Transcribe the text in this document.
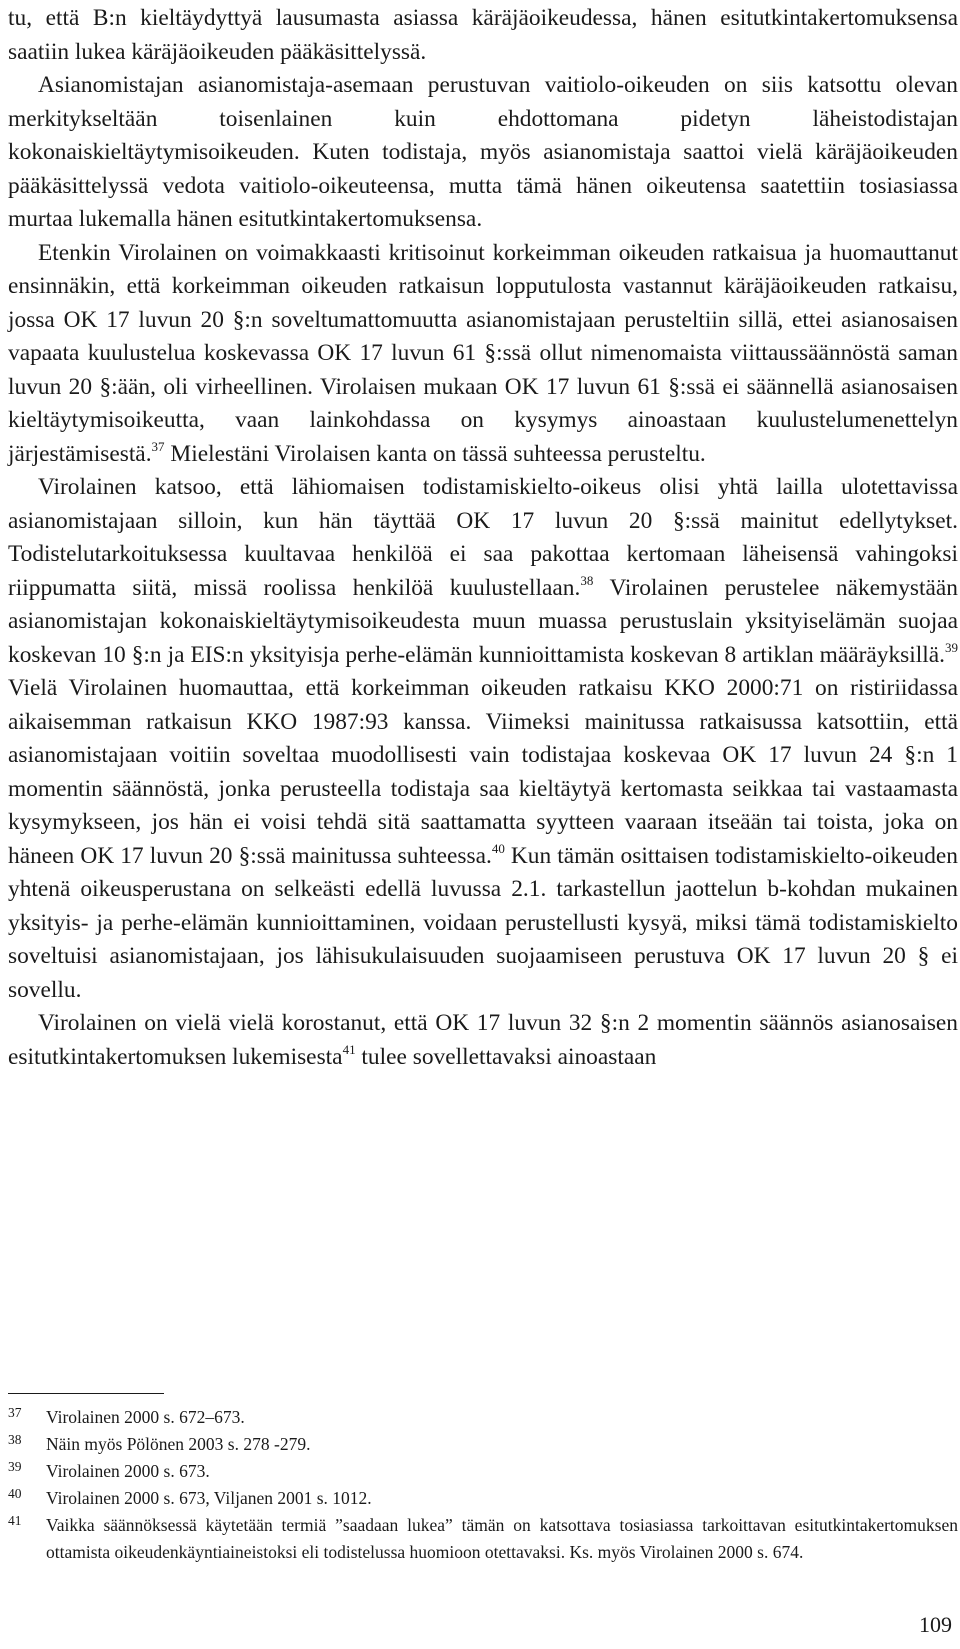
tu, että B:n kieltäydyttyä lausumasta asiassa käräjäoikeudessa, hänen esitutkintakertomuksensa saatiin lukea käräjäoikeuden pääkäsittelyssä.

Asianomistajan asianomistaja-asemaan perustuvan vaitiolo-oikeuden on siis katsottu olevan merkitykseltään toisenlainen kuin ehdottomana pidetyn läheistodistajan kokonaiskieltäytymisoikeuden. Kuten todistaja, myös asianomistaja saattoi vielä käräjäoikeuden pääkäsittelyssä vedota vaitiolo-oikeuteensa, mutta tämä hänen oikeutensa saatettiin tosiasiassa murtaa lukemalla hänen esitutkintakertomuksensa.

Etenkin Virolainen on voimakkaasti kritisoinut korkeimman oikeuden ratkaisua ja huomauttanut ensinnäkin, että korkeimman oikeuden ratkaisun lopputulosta vastannut käräjäoikeuden ratkaisu, jossa OK 17 luvun 20 §:n soveltumattomuutta asianomistajaan perusteltiin sillä, ettei asianosaisen vapaata kuulustelua koskevassa OK 17 luvun 61 §:ssä ollut nimenomaista viittaussäännöstä saman luvun 20 §:ään, oli virheellinen. Virolaisen mukaan OK 17 luvun 61 §:ssä ei säännellä asianosaisen kieltäytymisoikeutta, vaan lainkohdassa on kysymys ainoastaan kuulustelumenettelyn järjestämisestä.$^{37}$ Mielestäni Virolaisen kanta on tässä suhteessa perusteltu.

Virolainen katsoo, että lähiomaisen todistamiskielto-oikeus olisi yhtä lailla ulotettavissa asianomistajaan silloin, kun hän täyttää OK 17 luvun 20 §:ssä mainitut edellytykset. Todistelutarkoituksessa kuultavaa henkilöä ei saa pakottaa kertomaan läheisensä vahingoksi riippumatta siitä, missä roolissa henkilöä kuulustellaan.$^{38}$ Virolainen perustelee näkemystään asianomistajan kokonaiskieltäytymisoikeudesta muun muassa perustuslain yksityiselämän suojaa koskevan 10 §:n ja EIS:n yksityisja perhe-elämän kunnioittamista koskevan 8 artiklan määräyksillä.$^{39}$ Vielä Virolainen huomauttaa, että korkeimman oikeuden ratkaisu KKO 2000:71 on ristiriidassa aikaisemman ratkaisun KKO 1987:93 kanssa. Viimeksi mainitussa ratkaisussa katsottiin, että asianomistajaan voitiin soveltaa muodollisesti vain todistajaa koskevaa OK 17 luvun 24 §:n 1 momentin säännöstä, jonka perusteella todistaja saa kieltäytyä kertomasta seikkaa tai vastaamasta kysymykseen, jos hän ei voisi tehdä sitä saattamatta syytteen vaaraan itseään tai toista, joka on häneen OK 17 luvun 20 §:ssä mainitussa suhteessa.$^{40}$ Kun tämän osittaisen todistamiskielto-oikeuden yhtenä oikeusperustana on selkeästi edellä luvussa 2.1. tarkastellun jaottelun b-kohdan mukainen yksityis- ja perhe-elämän kunnioittaminen, voidaan perustellusti kysyä, miksi tämä todistamiskielto soveltuisi asianomistajaan, jos lähisukulaisuuden suojaamiseen perustuva OK 17 luvun 20 § ei sovellu.

Virolainen on vielä vielä korostanut, että OK 17 luvun 32 §:n 2 momentin säännös asianosaisen esitutkintakertomuksen lukemisesta$^{41}$ tulee sovellettavaksi ainoastaan

37 Virolainen 2000 s. 672–673.
38 Näin myös Pölönen 2003 s. 278 -279.
39 Virolainen 2000 s. 673.
40 Virolainen 2000 s. 673, Viljanen 2001 s. 1012.
41 Vaikka säännöksessä käytetään termiä ”saadaan lukea” tämän on katsottava tosiasiassa tarkoittavan esitutkintakertomuksen ottamista oikeudenkäyntiaineistoksi eli todistelussa huomioon otettavaksi. Ks. myös Virolainen 2000 s. 674.
109
